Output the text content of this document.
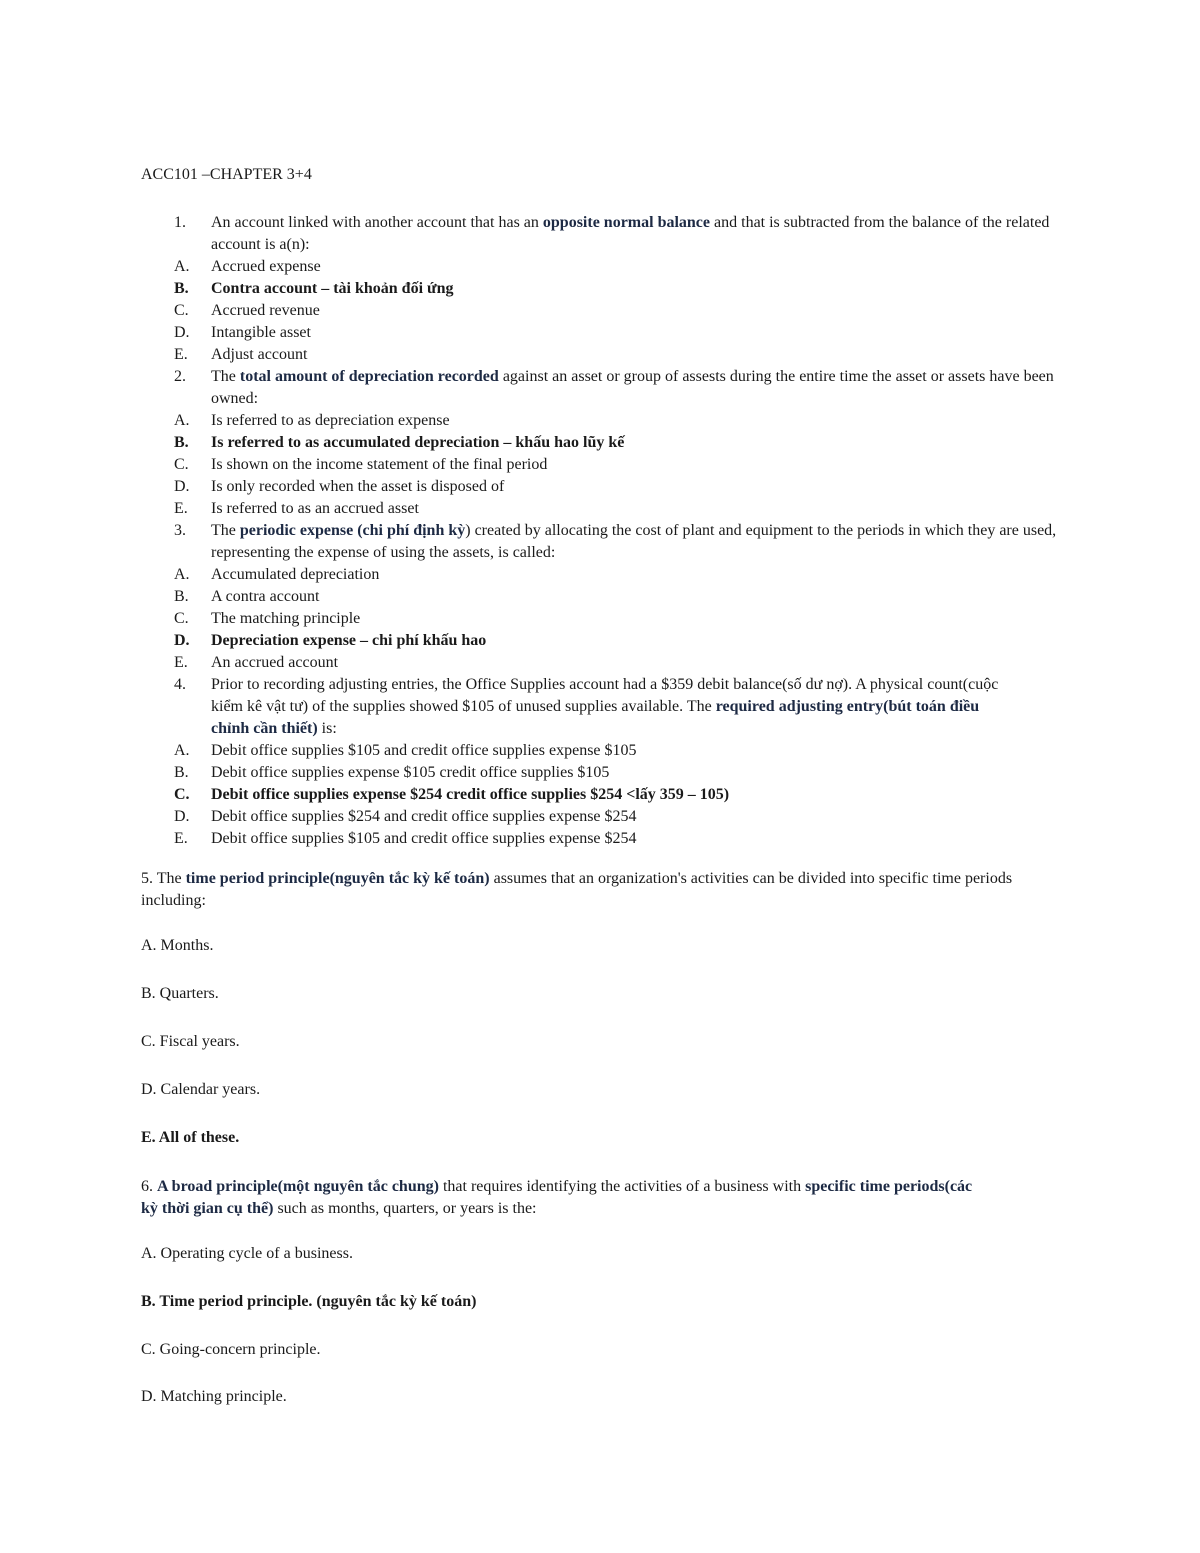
ACC101 –CHAPTER 3+4
1.	An account linked with another account that has an opposite normal balance and that is subtracted from the balance of the related account is a(n):
A.	Accrued expense
B.	Contra account – tài khoản đối ứng
C.	Accrued revenue
D.	Intangible asset
E.	Adjust account
2.	The total amount of depreciation recorded against an asset or group of assests during the entire time the asset or assets have been owned:
A.	Is referred to as depreciation expense
B.	Is referred to as accumulated depreciation – khấu hao lũy kế
C.	Is shown on the income statement of the final period
D.	Is only recorded when the asset is disposed of
E.	Is referred to as an accrued asset
3.	The periodic expense (chi phí định kỳ) created by allocating the cost of plant and equipment to the periods in which they are used, representing the expense of using the assets, is called:
A.	Accumulated depreciation
B.	A contra account
C.	The matching principle
D.	Depreciation expense – chi phí khấu hao
E.	An accrued account
4.	Prior to recording adjusting entries, the Office Supplies account had a $359 debit balance(số dư nợ). A physical count(cuộc kiểm kê vật tư) of the supplies showed $105 of unused supplies available. The required adjusting entry(bút toán điều chỉnh cần thiết) is:
A.	Debit office supplies $105 and credit office supplies expense $105
B.	Debit office supplies expense $105 credit office supplies $105
C.	Debit office supplies expense $254 credit office supplies $254 <lấy 359 – 105)
D.	Debit office supplies $254 and credit office supplies expense $254
E.	Debit office supplies $105 and credit office supplies expense $254
5. The time period principle(nguyên tắc kỳ kế toán) assumes that an organization's activities can be divided into specific time periods including:
A. Months.
B. Quarters.
C. Fiscal years.
D. Calendar years.
E. All of these.
6. A broad principle(một nguyên tắc chung) that requires identifying the activities of a business with specific time periods(các kỳ thời gian cụ thể) such as months, quarters, or years is the:
A. Operating cycle of a business.
B. Time period principle. (nguyên tắc kỳ kế toán)
C. Going-concern principle.
D. Matching principle.
